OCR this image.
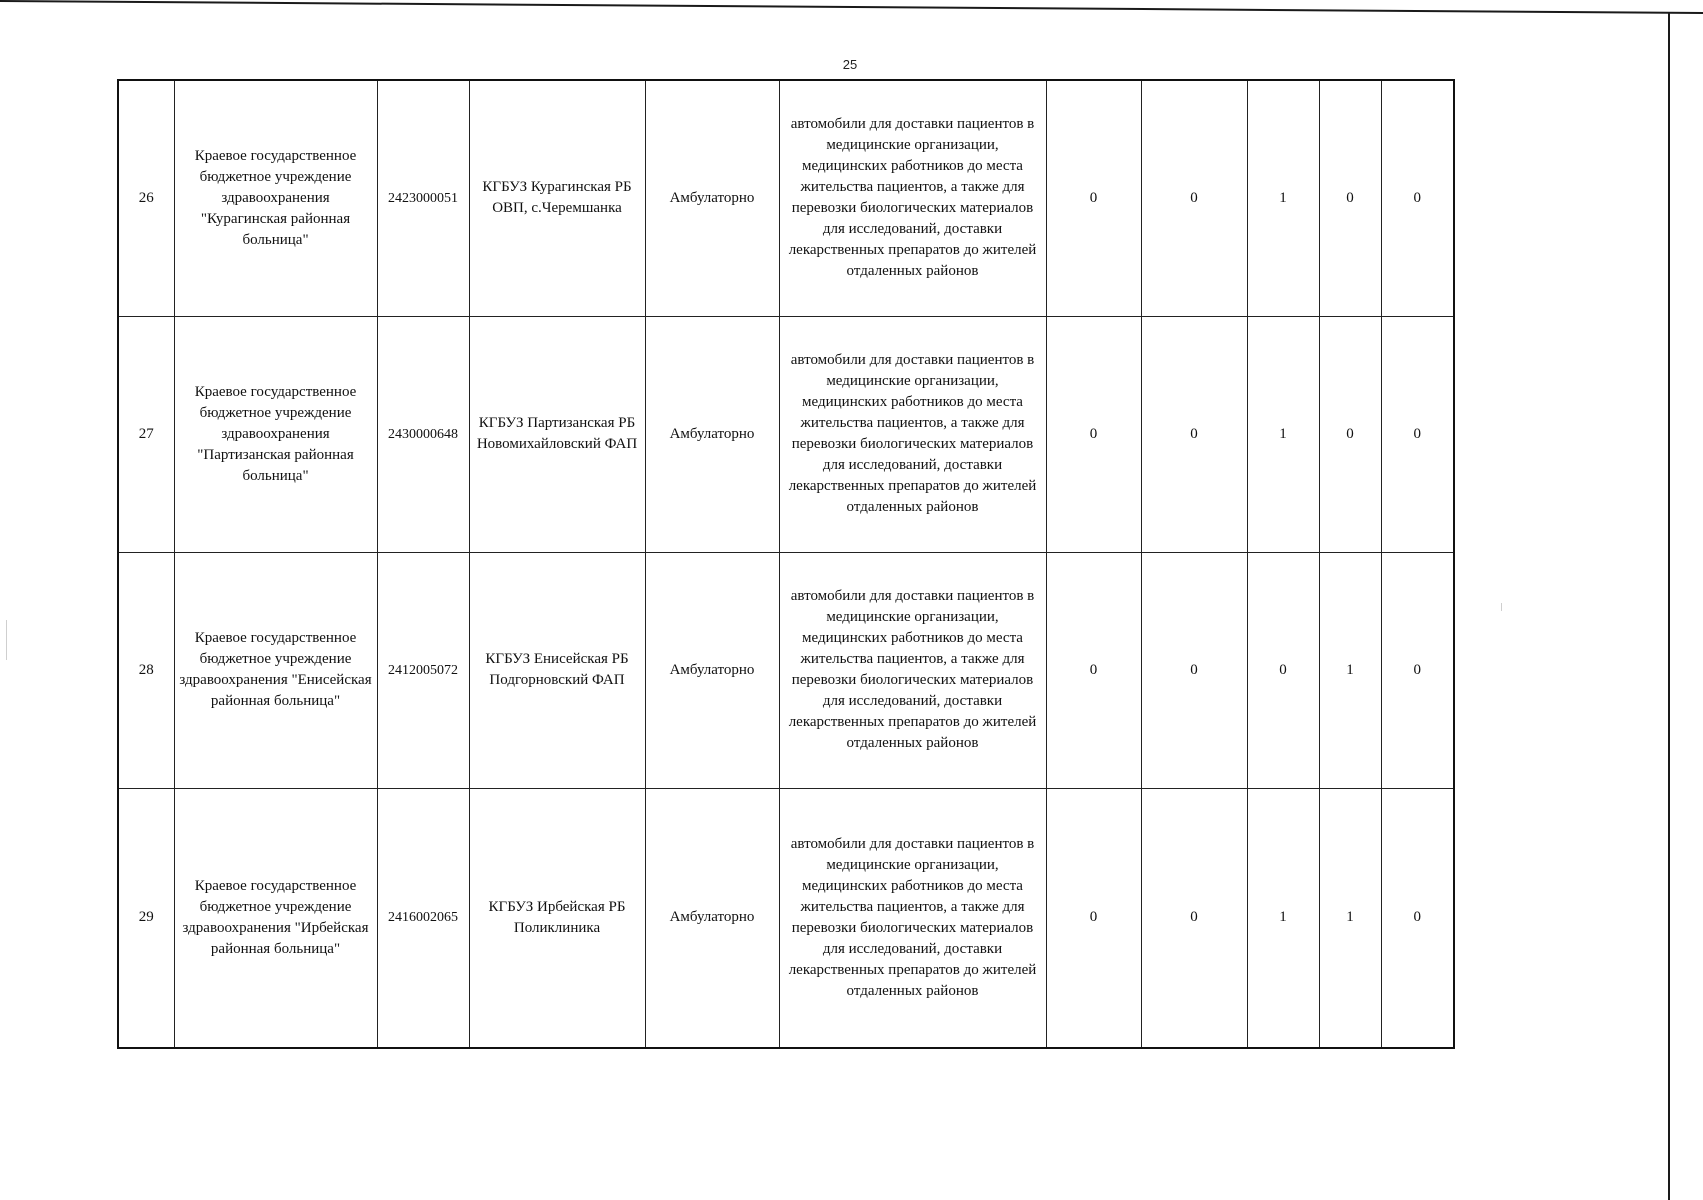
25
26	Краевое государственное бюджетное учреждение здравоохранения "Курагинская районная больница"	2423000051	КГБУЗ Курагинская РБ ОВП, с.Черемшанка	Амбулаторно	автомобили для доставки пациентов в медицинские организации, медицинских работников до места жительства пациентов, а также для перевозки биологических материалов для исследований, доставки лекарственных препаратов до жителей отдаленных районов	0	0	1	0	0
27	Краевое государственное бюджетное учреждение здравоохранения "Партизанская районная больница"	2430000648	КГБУЗ Партизанская РБ Новомихайловский ФАП	Амбулаторно	автомобили для доставки пациентов в медицинские организации, медицинских работников до места жительства пациентов, а также для перевозки биологических материалов для исследований, доставки лекарственных препаратов до жителей отдаленных районов	0	0	1	0	0
28	Краевое государственное бюджетное учреждение здравоохранения "Енисейская районная больница"	2412005072	КГБУЗ Енисейская РБ Подгорновский ФАП	Амбулаторно	автомобили для доставки пациентов в медицинские организации, медицинских работников до места жительства пациентов, а также для перевозки биологических материалов для исследований, доставки лекарственных препаратов до жителей отдаленных районов	0	0	0	1	0
29	Краевое государственное бюджетное учреждение здравоохранения "Ирбейская районная больница"	2416002065	КГБУЗ Ирбейская РБ Поликлиника	Амбулаторно	автомобили для доставки пациентов в медицинские организации, медицинских работников до места жительства пациентов, а также для перевозки биологических материалов для исследований, доставки лекарственных препаратов до жителей отдаленных районов	0	0	1	1	0
